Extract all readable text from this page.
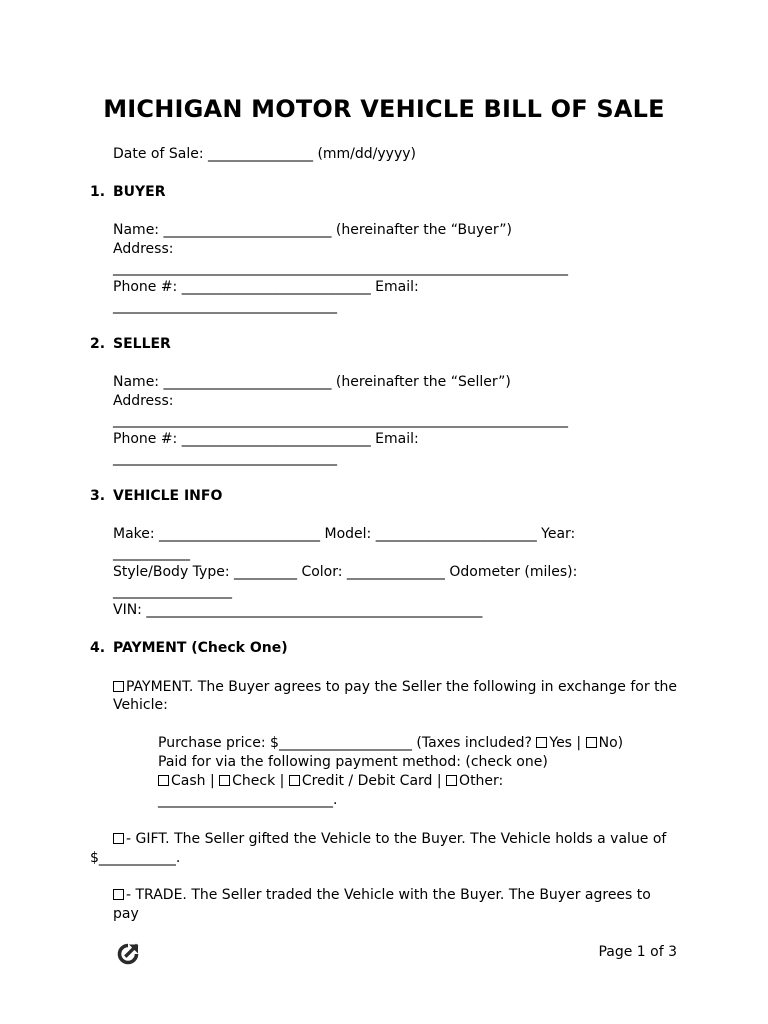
MICHIGAN MOTOR VEHICLE BILL OF SALE
Date of Sale: _______________ (mm/dd/yyyy)
1. BUYER
Name: ________________________ (hereinafter the “Buyer”)
Address:
_________________________________________________________________
Phone #: ___________________________ Email:
________________________________
2. SELLER
Name: ________________________ (hereinafter the “Seller”)
Address:
_________________________________________________________________
Phone #: ___________________________ Email:
________________________________
3. VEHICLE INFO
Make: _______________________ Model: _______________________ Year:
___________
Style/Body Type: _________ Color: ______________ Odometer (miles):
_________________
VIN: ________________________________________________
4. PAYMENT (Check One)
PAYMENT. The Buyer agrees to pay the Seller the following in exchange for the
Vehicle:
Purchase price: $___________________ (Taxes included? Yes | No)
Paid for via the following payment method: (check one)
Cash | Check | Credit / Debit Card | Other:
_________________________.
- GIFT. The Seller gifted the Vehicle to the Buyer. The Vehicle holds a value of
$___________.
- TRADE. The Seller traded the Vehicle with the Buyer. The Buyer agrees to
pay
Page 1 of 3
